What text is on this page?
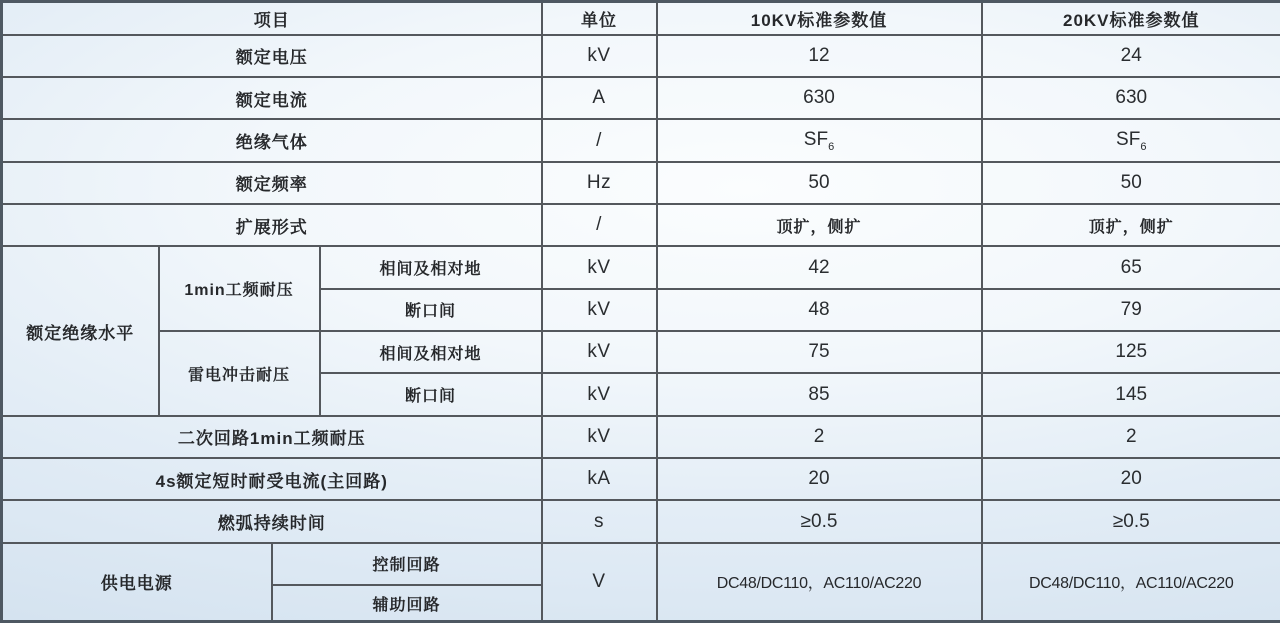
项目				单位	10KV标准参数值	20KV标准参数值
额定电压				kV	12	24
额定电流				A	630	630
绝缘气体				/	$SF_6$	$SF_6$
额定频率				Hz	50	50
扩展形式				/	顶扩，侧扩	顶扩，侧扩
额定绝缘水平	1min工频耐压		相间及相对地	kV	42	65
			断口间	kV	48	79
	雷电冲击耐压		相间及相对地	kV	75	125
			断口间	kV	85	145
二次回路1min工频耐压				kV	2	2
4s额定短时耐受电流(主回路)				kA	20	20
燃弧持续时间				s	≥0.5	≥0.5
供电电源		控制回路		V	DC48/DC110，AC110/AC220	DC48/DC110，AC110/AC220
		辅助回路				
